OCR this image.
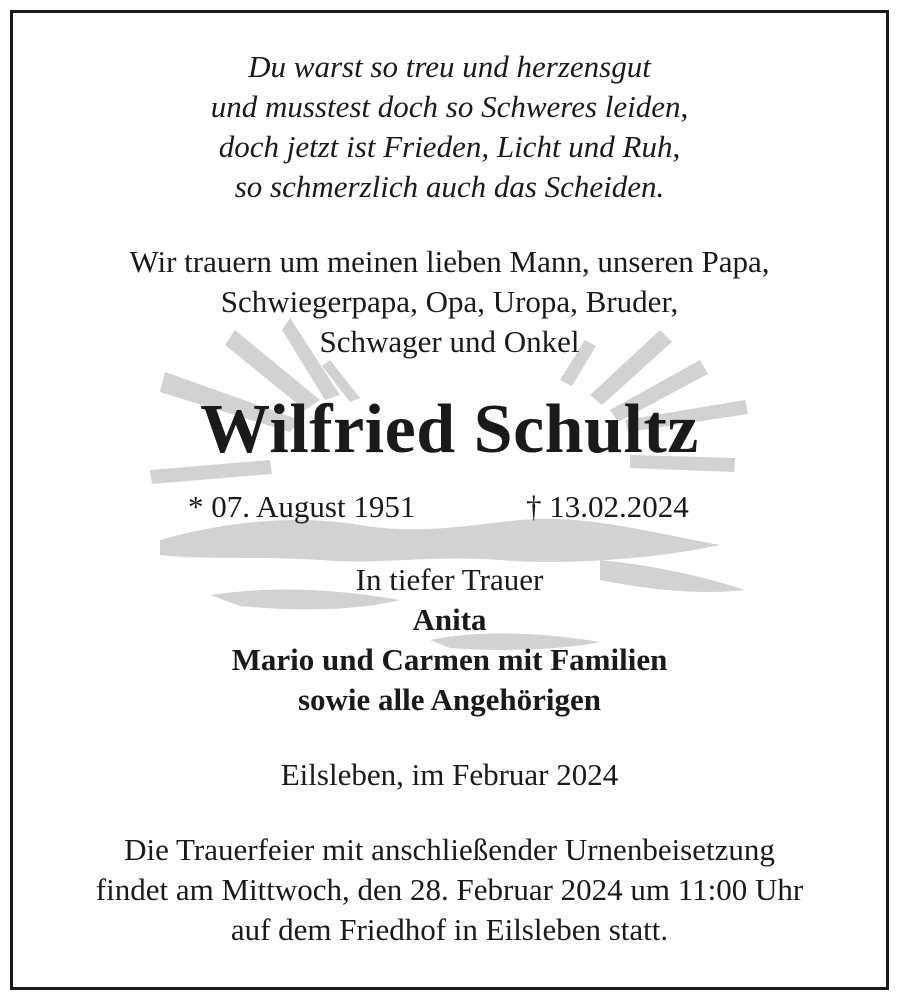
Du warst so treu und herzensgut
und musstest doch so Schweres leiden,
doch jetzt ist Frieden, Licht und Ruh,
so schmerzlich auch das Scheiden.
Wir trauern um meinen lieben Mann, unseren Papa,
Schwiegerpapa, Opa, Uropa, Bruder,
Schwager und Onkel
Wilfried Schultz
* 07. August 1951	† 13.02.2024
In tiefer Trauer
Anita
Mario und Carmen mit Familien
sowie alle Angehörigen
Eilsleben, im Februar 2024
Die Trauerfeier mit anschließender Urnenbeisetzung
findet am Mittwoch, den 28. Februar 2024 um 11:00 Uhr
auf dem Friedhof in Eilsleben statt.
